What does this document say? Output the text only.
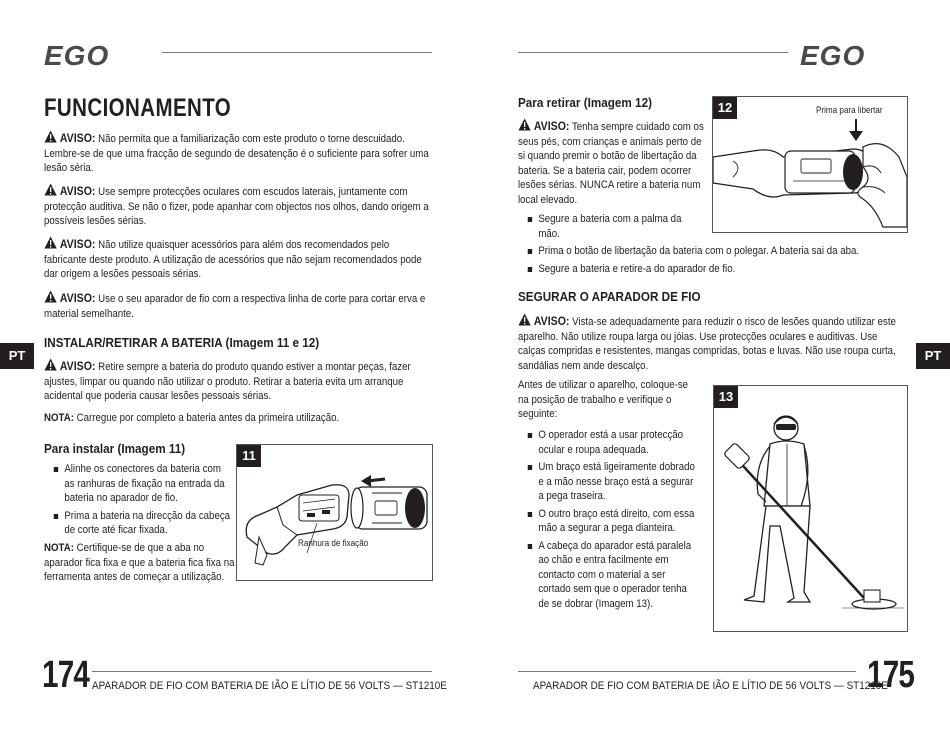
EGO
FUNCIONAMENTO
AVISO: Não permita que a familiarização com este produto o torne descuidado. Lembre-se de que uma fracção de segundo de desatenção é o suficiente para sofrer uma lesão séria.
AVISO: Use sempre protecções oculares com escudos laterais, juntamente com protecção auditiva. Se não o fizer, pode apanhar com objectos nos olhos, dando origem a possíveis lesões sérias.
AVISO: Não utilize quaisquer acessórios para além dos recomendados pelo fabricante deste produto. A utilização de acessórios que não sejam recomendados pode dar origem a lesões pessoais sérias.
AVISO: Use o seu aparador de fio com a respectiva linha de corte para cortar erva e material semelhante.
INSTALAR/RETIRAR A BATERIA (Imagem 11 e 12)
AVISO: Retire sempre a bateria do produto quando estiver a montar peças, fazer ajustes, limpar ou quando não utilizar o produto. Retirar a bateria evita um arranque acidental que poderia causar lesões pessoais sérias.
NOTA: Carregue por completo a bateria antes da primeira utilização.
Para instalar (Imagem 11)
Alinhe os conectores da bateria com as ranhuras de fixação na entrada da bateria no aparador de fio.
Prima a bateria na direcção da cabeça de corte até ficar fixada.
NOTA: Certifique-se de que a aba no aparador fica fixa e que a bateria fica fixa na ferramenta antes de começar a utilização.
11
Ranhura de fixação
PT
174 APARADOR DE FIO COM BATERIA DE IÃO E LÍTIO DE 56 VOLTS — ST1210E
EGO
Para retirar (Imagem 12)
AVISO: Tenha sempre cuidado com os seus pés, com crianças e animais perto de si quando premir o botão de libertação da bateria. Se a bateria cair, podem ocorrer lesões sérias. NUNCA retire a bateria num local elevado.
Segure a bateria com a palma da mão.
Prima o botão de libertação da bateria com o polegar. A bateria sai da aba.
Segure a bateria e retire-a do aparador de fio.
12	Prima para libertar
SEGURAR O APARADOR DE FIO
AVISO: Vista-se adequadamente para reduzir o risco de lesões quando utilizar este aparelho. Não utilize roupa larga ou jóias. Use protecções oculares e auditivas. Use calças compridas e resistentes, mangas compridas, botas e luvas. Não use roupa curta, sandálias nem ande descalço.
Antes de utilizar o aparelho, coloque-se na posição de trabalho e verifique o seguinte:
O operador está a usar protecção ocular e roupa adequada.
Um braço está ligeiramente dobrado e a mão nesse braço está a segurar a pega traseira.
O outro braço está direito, com essa mão a segurar a pega dianteira.
A cabeça do aparador está paralela ao chão e entra facilmente em contacto com o material a ser cortado sem que o operador tenha de se dobrar (Imagem 13).
13
PT
APARADOR DE FIO COM BATERIA DE IÃO E LÍTIO DE 56 VOLTS — ST1210E
175
